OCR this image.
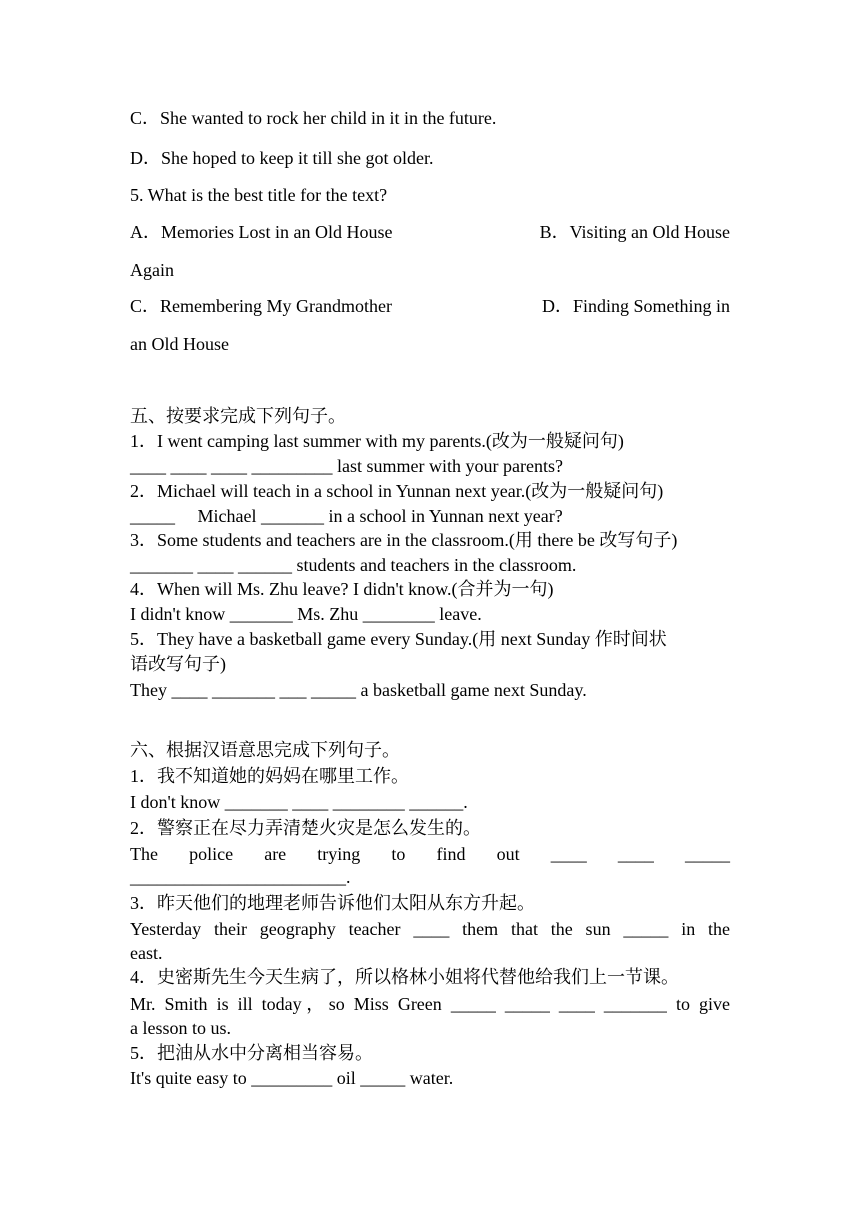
C．She wanted to rock her child in it in the future.
D．She hoped to keep it till she got older.
5. What is the best title for the text?
A．Memories Lost in an Old House	B．Visiting an Old House
Again
C．Remembering My Grandmother	D．Finding Something in
an Old House
五、按要求完成下列句子。
1．I went camping last summer with my parents.(改为一般疑问句)
____ ____ ____ _________ last summer with your parents?
2．Michael will teach in a school in Yunnan next year.(改为一般疑问句)
_____     Michael _______ in a school in Yunnan next year?
3．Some students and teachers are in the classroom.(用 there be 改写句子)
_______ ____ ______ students and teachers in the classroom.
4．When will Ms. Zhu leave? I didn't know.(合并为一句)
I didn't know _______ Ms. Zhu ________ leave.
5．They have a basketball game every Sunday.(用 next Sunday 作时间状
语改写句子)
They ____ _______ ___ _____ a basketball game next Sunday.
六、根据汉语意思完成下列句子。
1．我不知道她的妈妈在哪里工作。
I don't know _______ ____ ________ ______.
2．警察正在尽力弄清楚火灾是怎么发生的。
The police are trying to find out ____ ____ _____
________________________.
3．昨天他们的地理老师告诉他们太阳从东方升起。
Yesterday their geography teacher ____ them that the sun _____ in the
east.
4．史密斯先生今天生病了，所以格林小姐将代替他给我们上一节课。
Mr. Smith is ill today，so Miss Green _____ _____ ____ _______ to give
a lesson to us.
5．把油从水中分离相当容易。
It's quite easy to _________ oil _____ water.
